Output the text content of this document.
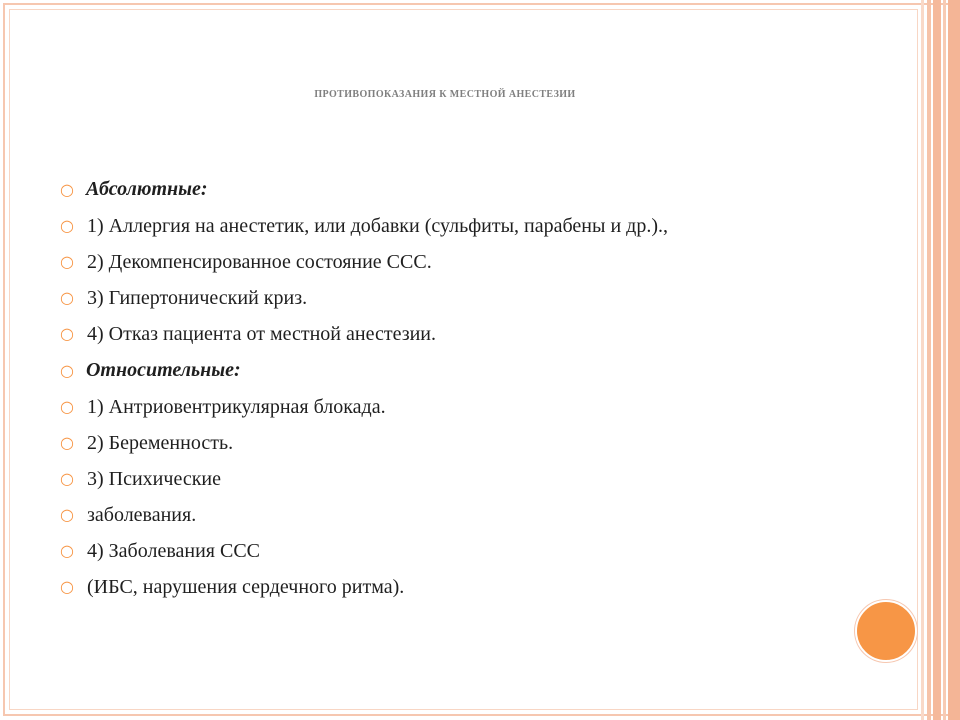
ПРОТИВОПОКАЗАНИЯ К МЕСТНОЙ АНЕСТЕЗИИ
○ Абсолютные:
○ 1) Аллергия на анестетик, или добавки (сульфиты, парабены и др.).,
○ 2) Декомпенсированное состояние ССС.
○ 3) Гипертонический криз.
○ 4) Отказ пациента от местной анестезии.
○ Относительные:
○ 1) Антриовентрикулярная блокада.
○ 2) Беременность.
○ 3) Психические
○ заболевания.
○ 4) Заболевания ССС
○ (ИБС, нарушения сердечного ритма).
